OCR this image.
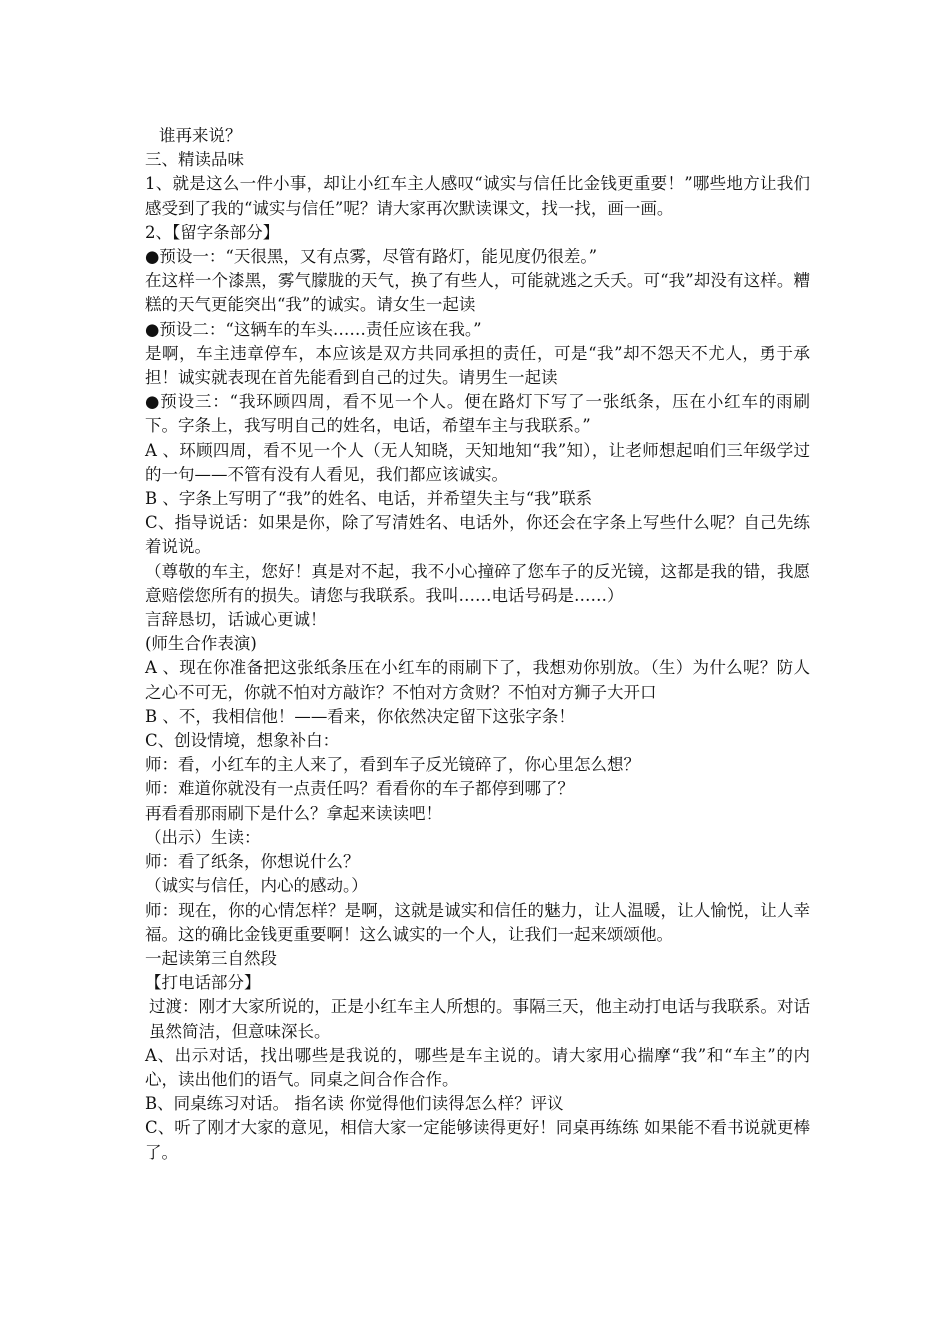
谁再来说？

三、精读品味

1、就是这么一件小事，却让小红车主人感叹“诚实与信任比金钱更重要！”哪些地方让我们感受到了我的“诚实与信任”呢？请大家再次默读课文，找一找，画一画。

2、【留字条部分】

●预设一：“天很黑，又有点雾，尽管有路灯，能见度仍很差。”

在这样一个漆黑，雾气朦胧的天气，换了有些人，可能就逃之夭夭。可“我”却没有这样。糟糕的天气更能突出“我”的诚实。请女生一起读

●预设二：“这辆车的车头……责任应该在我。”

是啊，车主违章停车，本应该是双方共同承担的责任，可是“我”却不怨天不尤人，勇于承担！诚实就表现在首先能看到自己的过失。请男生一起读

●预设三：“我环顾四周，看不见一个人。便在路灯下写了一张纸条，压在小红车的雨刷下。字条上，我写明自己的姓名，电话，希望车主与我联系。”

A 、环顾四周，看不见一个人（无人知晓，天知地知“我”知），让老师想起咱们三年级学过的一句——不管有没有人看见，我们都应该诚实。

B 、字条上写明了“我”的姓名、电话，并希望失主与“我”联系

C、指导说话：如果是你，除了写清姓名、电话外，你还会在字条上写些什么呢？自己先练着说说。

（尊敬的车主，您好！真是对不起，我不小心撞碎了您车子的反光镜，这都是我的错，我愿意赔偿您所有的损失。请您与我联系。我叫……电话号码是……）

言辞恳切，话诚心更诚！

(师生合作表演)

A 、现在你准备把这张纸条压在小红车的雨刷下了，我想劝你别放。（生）为什么呢？防人之心不可无，你就不怕对方敲诈？不怕对方贪财？不怕对方狮子大开口

B 、不，我相信他！——看来，你依然决定留下这张字条！

C、创设情境，想象补白：

师：看，小红车的主人来了，看到车子反光镜碎了，你心里怎么想？

师：难道你就没有一点责任吗？看看你的车子都停到哪了？

再看看那雨刷下是什么？拿起来读读吧！

（出示）生读：

师：看了纸条，你想说什么？

（诚实与信任，内心的感动。）

师：现在，你的心情怎样？是啊，这就是诚实和信任的魅力，让人温暖，让人愉悦，让人幸福。这的确比金钱更重要啊！这么诚实的一个人，让我们一起来颂颂他。

一起读第三自然段

【打电话部分】

过渡：刚才大家所说的，正是小红车主人所想的。事隔三天，他主动打电话与我联系。对话虽然简洁，但意味深长。

A、出示对话，找出哪些是我说的，哪些是车主说的。请大家用心揣摩“我”和“车主”的内心，读出他们的语气。同桌之间合作合作。

B、同桌练习对话。 指名读 你觉得他们读得怎么样？评议

C、听了刚才大家的意见，相信大家一定能够读得更好！同桌再练练 如果能不看书说就更棒了。
